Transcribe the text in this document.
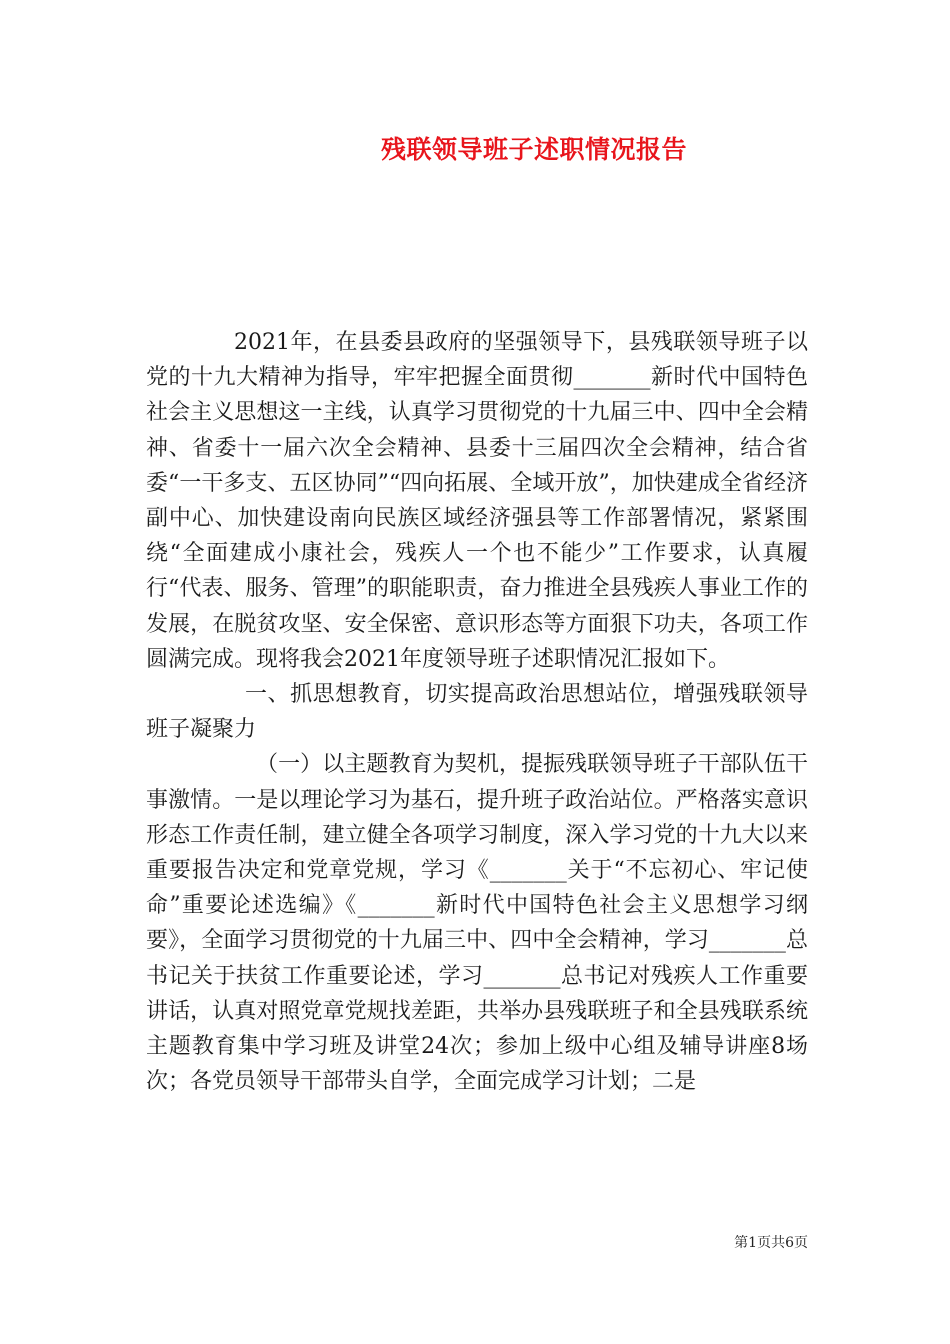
残联领导班子述职情况报告

2021年，在县委县政府的坚强领导下，县残联领导班子以党的十九大精神为指导，牢牢把握全面贯彻_______新时代中国特色社会主义思想这一主线，认真学习贯彻党的十九届三中、四中全会精神、省委十一届六次全会精神、县委十三届四次全会精神，结合省委“一干多支、五区协同”“四向拓展、全域开放”，加快建成全省经济副中心、加快建设南向民族区域经济强县等工作部署情况，紧紧围绕“全面建成小康社会，残疾人一个也不能少”工作要求，认真履行“代表、服务、管理”的职能职责，奋力推进全县残疾人事业工作的发展，在脱贫攻坚、安全保密、意识形态等方面狠下功夫，各项工作圆满完成。现将我会2021年度领导班子述职情况汇报如下。

一、抓思想教育，切实提高政治思想站位，增强残联领导班子凝聚力

（一）以主题教育为契机，提振残联领导班子干部队伍干事激情。一是以理论学习为基石，提升班子政治站位。严格落实意识形态工作责任制，建立健全各项学习制度，深入学习党的十九大以来重要报告决定和党章党规，学习《_______关于“不忘初心、牢记使命”重要论述选编》《_______新时代中国特色社会主义思想学习纲要》，全面学习贯彻党的十九届三中、四中全会精神，学习_______总书记关于扶贫工作重要论述，学习_______总书记对残疾人工作重要讲话，认真对照党章党规找差距，共举办县残联班子和全县残联系统主题教育集中学习班及讲堂24次；参加上级中心组及辅导讲座8场次；各党员领导干部带头自学，全面完成学习计划；二是

第1页共6页
